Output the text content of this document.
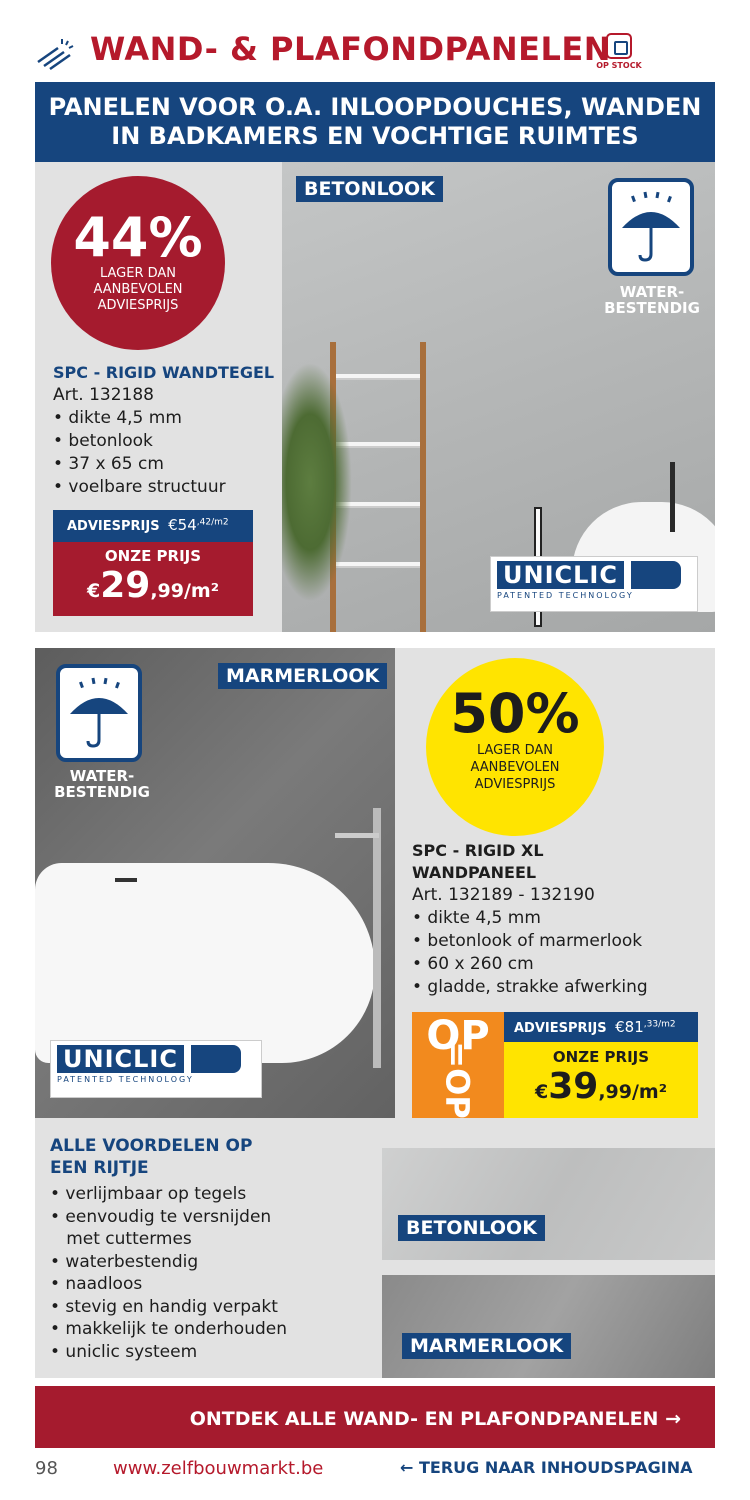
WAND- & PLAFONDPANELEN
OP STOCK
PANELEN VOOR O.A. INLOOPDOUCHES, WANDEN
IN BADKAMERS EN VOCHTIGE RUIMTES
BETONLOOK
WATER-
BESTENDIG
44%
LAGER DAN
AANBEVOLEN
ADVIESPRIJS
SPC - RIGID WANDTEGEL
Art. 132188
• dikte 4,5 mm
• betonlook
• 37 x 65 cm
• voelbare structuur
ADVIESPRIJS $€54^{,42/m2}$
ONZE PRIJS
€29,99/m²
UNICLIC
PATENTED TECHNOLOGY
MARMERLOOK
WATER-
BESTENDIG
UNICLIC
PATENTED TECHNOLOGY
50%
LAGER DAN
AANBEVOLEN
ADVIESPRIJS
SPC - RIGID XL
WANDPANEEL
Art. 132189 - 132190
• dikte 4,5 mm
• betonlook of marmerlook
• 60 x 260 cm
• gladde, strakke afwerking
OP
=OP
ADVIESPRIJS $€81^{,33/m2}$
ONZE PRIJS
€39,99/m²
ALLE VOORDELEN OP
EEN RIJTJE
• verlijmbaar op tegels
• eenvoudig te versnijden
met cuttermes
• waterbestendig
• naadloos
• stevig en handig verpakt
• makkelijk te onderhouden
• uniclic systeem
BETONLOOK
MARMERLOOK
ONTDEK ALLE WAND- EN PLAFONDPANELEN →
98	www.zelfbouwmarkt.be	← TERUG NAAR INHOUDSPAGINA
